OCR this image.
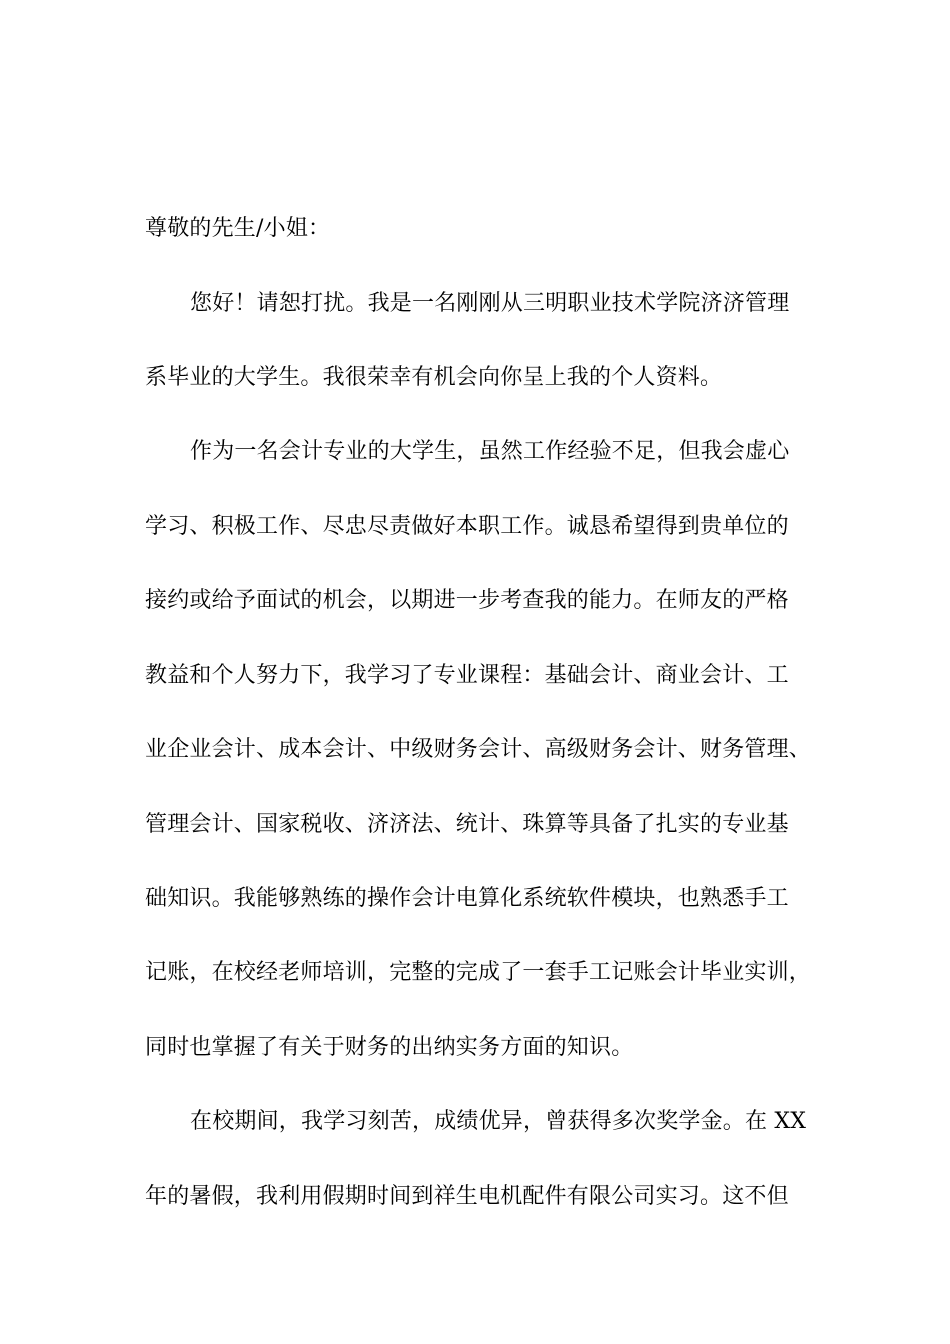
尊敬的先生/小姐：
您好！请恕打扰。我是一名刚刚从三明职业技术学院济济管理
系毕业的大学生。我很荣幸有机会向你呈上我的个人资料。
作为一名会计专业的大学生，虽然工作经验不足，但我会虚心
学习、积极工作、尽忠尽责做好本职工作。诚恳希望得到贵单位的
接约或给予面试的机会，以期进一步考查我的能力。在师友的严格
教益和个人努力下，我学习了专业课程：基础会计、商业会计、工
业企业会计、成本会计、中级财务会计、高级财务会计、财务管理、
管理会计、国家税收、济济法、统计、珠算等具备了扎实的专业基
础知识。我能够熟练的操作会计电算化系统软件模块，也熟悉手工
记账，在校经老师培训，完整的完成了一套手工记账会计毕业实训，
同时也掌握了有关于财务的出纳实务方面的知识。
在校期间，我学习刻苦，成绩优异，曾获得多次奖学金。在 XX
年的暑假，我利用假期时间到祥生电机配件有限公司实习。这不但
